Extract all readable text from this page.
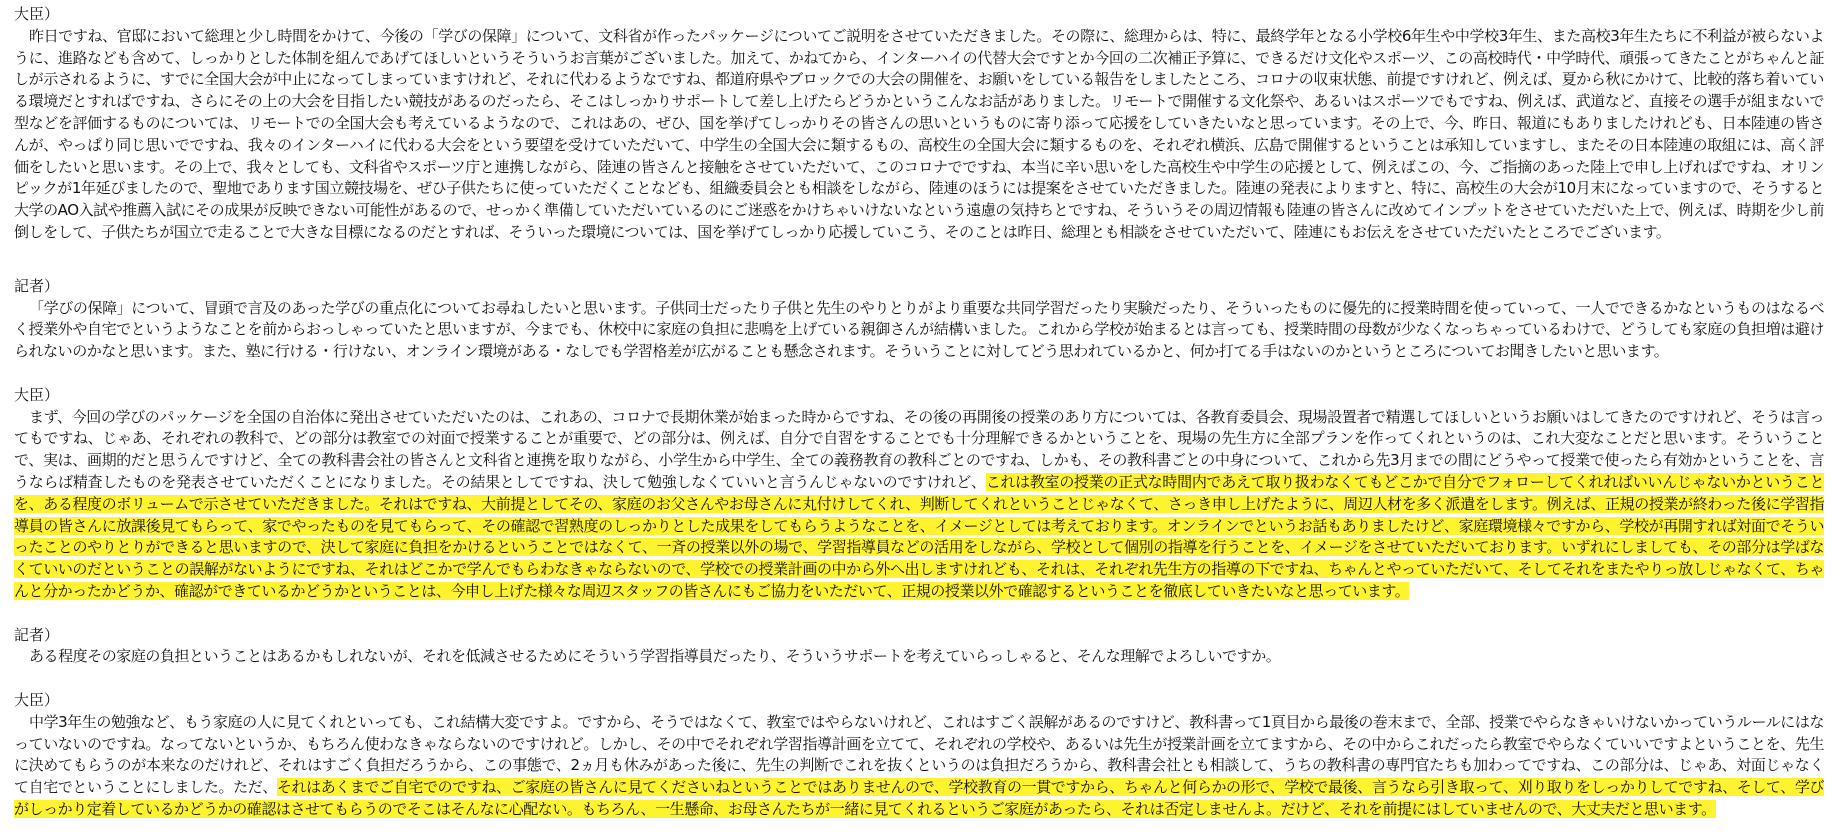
大臣）

昨日ですね、官邸において総理と少し時間をかけて、今後の「学びの保障」について、文科省が作ったパッケージについてご説明をさせていただきました。その際に、総理からは、特に、最終学年となる小学校6年生や中学校3年生、また高校3年生たちに不利益が被らないように、進路なども含めて、しっかりとした体制を組んであげてほしいというそういうお言葉がございました。加えて、かねてから、インターハイの代替大会ですとか今回の二次補正予算に、できるだけ文化やスポーツ、この高校時代・中学時代、頑張ってきたことがちゃんと証しが示されるように、すでに全国大会が中止になってしまっていますけれど、それに代わるようなですね、都道府県やブロックでの大会の開催を、お願いをしている報告をしましたところ、コロナの収束状態、前提ですけれど、例えば、夏から秋にかけて、比較的落ち着いている環境だとすればですね、さらにその上の大会を目指したい競技があるのだったら、そこはしっかりサポートして差し上げたらどうかというこんなお話がありました。リモートで開催する文化祭や、あるいはスポーツでもですね、例えば、武道など、直接その選手が組まないで型などを評価するものについては、リモートでの全国大会も考えているようなので、これはあの、ぜひ、国を挙げてしっかりその皆さんの思いというものに寄り添って応援をしていきたいなと思っています。その上で、今、昨日、報道にもありましたけれども、日本陸連の皆さんが、やっぱり同じ思いでですね、我々のインターハイに代わる大会をという要望を受けていただいて、中学生の全国大会に類するもの、高校生の全国大会に類するものを、それぞれ横浜、広島で開催するということは承知していますし、またその日本陸連の取組には、高く評価をしたいと思います。その上で、我々としても、文科省やスポーツ庁と連携しながら、陸連の皆さんと接触をさせていただいて、このコロナでですね、本当に辛い思いをした高校生や中学生の応援として、例えばこの、今、ご指摘のあった陸上で申し上げればですね、オリンピックが1年延びましたので、聖地であります国立競技場を、ぜひ子供たちに使っていただくことなども、組織委員会とも相談をしながら、陸連のほうには提案をさせていただきました。陸連の発表によりますと、特に、高校生の大会が10月末になっていますので、そうすると大学のAO入試や推薦入試にその成果が反映できない可能性があるので、せっかく準備していただいているのにご迷惑をかけちゃいけないなという遠慮の気持ちとですね、そういうその周辺情報も陸連の皆さんに改めてインプットをさせていただいた上で、例えば、時期を少し前倒しをして、子供たちが国立で走ることで大きな目標になるのだとすれば、そういった環境については、国を挙げてしっかり応援していこう、そのことは昨日、総理とも相談をさせていただいて、陸連にもお伝えをさせていただいたところでございます。

記者）

「学びの保障」について、冒頭で言及のあった学びの重点化についてお尋ねしたいと思います。子供同士だったり子供と先生のやりとりがより重要な共同学習だったり実験だったり、そういったものに優先的に授業時間を使っていって、一人でできるかなというものはなるべく授業外や自宅でというようなことを前からおっしゃっていたと思いますが、今までも、休校中に家庭の負担に悲鳴を上げている親御さんが結構いました。これから学校が始まるとは言っても、授業時間の母数が少なくなっちゃっているわけで、どうしても家庭の負担増は避けられないのかなと思います。また、塾に行ける・行けない、オンライン環境がある・なしでも学習格差が広がることも懸念されます。そういうことに対してどう思われているかと、何か打てる手はないのかというところについてお聞きしたいと思います。

大臣）

まず、今回の学びのパッケージを全国の自治体に発出させていただいたのは、これあの、コロナで長期休業が始まった時からですね、その後の再開後の授業のあり方については、各教育委員会、現場設置者で精選してほしいというお願いはしてきたのですけれど、そうは言ってもですね、じゃあ、それぞれの教科で、どの部分は教室での対面で授業することが重要で、どの部分は、例えば、自分で自習をすることでも十分理解できるかということを、現場の先生方に全部プランを作ってくれというのは、これ大変なことだと思います。そういうことで、実は、画期的だと思うんですけど、全ての教科書会社の皆さんと文科省と連携を取りながら、小学生から中学生、全ての義務教育の教科ごとのですね、しかも、その教科書ごとの中身について、これから先3月までの間にどうやって授業で使ったら有効かということを、言うならば精査したものを発表させていただくことになりました。その結果としてですね、決して勉強しなくていいと言うんじゃないのですけれど、これは教室の授業の正式な時間内であえて取り扱わなくてもどこかで自分でフォローしてくれればいいんじゃないかということを、ある程度のボリュームで示させていただきました。それはですね、大前提としてその、家庭のお父さんやお母さんに丸付けしてくれ、判断してくれということじゃなくて、さっき申し上げたように、周辺人材を多く派遣をします。例えば、正規の授業が終わった後に学習指導員の皆さんに放課後見てもらって、家でやったものを見てもらって、その確認で習熟度のしっかりとした成果をしてもらうようなことを、イメージとしては考えております。オンラインでというお話もありましたけど、家庭環境様々ですから、学校が再開すれば対面でそういったことのやりとりができると思いますので、決して家庭に負担をかけるということではなくて、一斉の授業以外の場で、学習指導員などの活用をしながら、学校として個別の指導を行うことを、イメージをさせていただいております。いずれにしましても、その部分は学ばなくていいのだということの誤解がないようにですね、それはどこかで学んでもらわなきゃならないので、学校での授業計画の中から外へ出しますけれども、それは、それぞれ先生方の指導の下ですね、ちゃんとやっていただいて、そしてそれをまたやりっ放しじゃなくて、ちゃんと分かったかどうか、確認ができているかどうかということは、今申し上げた様々な周辺スタッフの皆さんにもご協力をいただいて、正規の授業以外で確認するということを徹底していきたいなと思っています。

記者）

ある程度その家庭の負担ということはあるかもしれないが、それを低減させるためにそういう学習指導員だったり、そういうサポートを考えていらっしゃると、そんな理解でよろしいですか。

大臣）

中学3年生の勉強など、もう家庭の人に見てくれといっても、これ結構大変ですよ。ですから、そうではなくて、教室ではやらないけれど、これはすごく誤解があるのですけど、教科書って1頁目から最後の巻末まで、全部、授業でやらなきゃいけないかっていうルールにはなっていないのですね。なってないというか、もちろん使わなきゃならないのですけれど。しかし、その中でそれぞれ学習指導計画を立てて、それぞれの学校や、あるいは先生が授業計画を立てますから、その中からこれだったら教室でやらなくていいですよということを、先生に決めてもらうのが本来なのだけれど、それはすごく負担だろうから、この事態で、2ヵ月も休みがあった後に、先生の判断でこれを抜くというのは負担だろうから、教科書会社とも相談して、うちの教科書の専門官たちも加わってですね、この部分は、じゃあ、対面じゃなくて自宅でということにしました。ただ、それはあくまでご自宅でのですね、ご家庭の皆さんに見てくださいねということではありませんので、学校教育の一貫ですから、ちゃんと何らかの形で、学校で最後、言うなら引き取って、刈り取りをしっかりしてですね、そして、学びがしっかり定着しているかどうかの確認はさせてもらうのでそこはそんなに心配ない。もちろん、一生懸命、お母さんたちが一緒に見てくれるというご家庭があったら、それは否定しませんよ。だけど、それを前提にはしていませんので、大丈夫だと思います。
